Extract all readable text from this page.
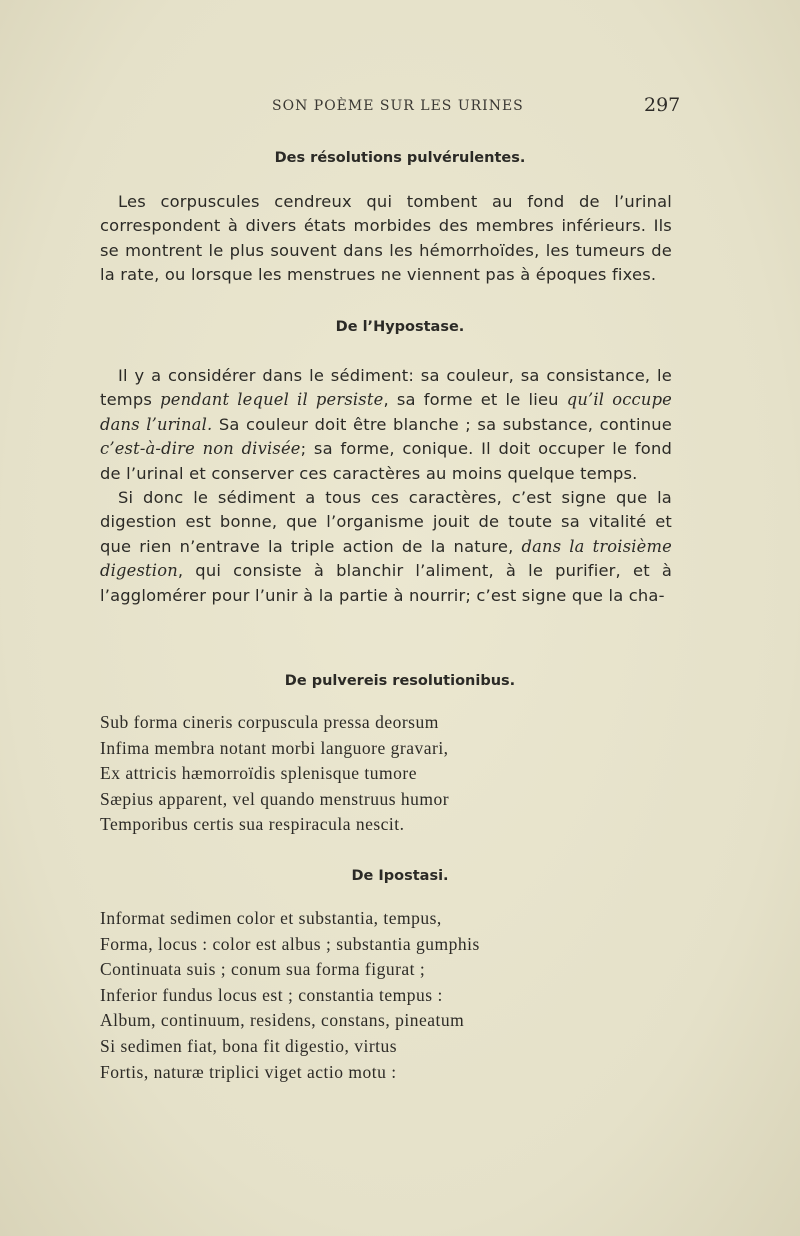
SON POÈME SUR LES URINES	297
Des résolutions pulvérulentes.

Les corpuscules cendreux qui tombent au fond de l’urinal correspondent à divers états morbides des membres inférieurs. Ils se montrent le plus souvent dans les hémorrhoïdes, les tumeurs de la rate, ou lorsque les menstrues ne viennent pas à époques fixes.

De l’Hypostase.

Il y a considérer dans le sédiment: sa couleur, sa consistance, le temps pendant lequel il persiste, sa forme et le lieu qu’il occupe dans l’urinal. Sa couleur doit être blanche ; sa substance, continue c’est-à-dire non divisée; sa forme, conique. Il doit occuper le fond de l’urinal et conserver ces caractères au moins quelque temps.

Si donc le sédiment a tous ces caractères, c’est signe que la digestion est bonne, que l’organisme jouit de toute sa vitalité et que rien n’entrave la triple action de la nature, dans la troisième digestion, qui consiste à blanchir l’aliment, à le purifier, et à l’agglomérer pour l’unir à la partie à nourrir; c’est signe que la cha-

De pulvereis resolutionibus.
Sub forma cineris corpuscula pressa deorsum
Infima membra notant morbi languore gravari,
Ex attricis hæmorroïdis splenisque tumore
Sæpius apparent, vel quando menstruus humor
Temporibus certis sua respiracula nescit.
De Ipostasi.
Informat sedimen color et substantia, tempus,
Forma, locus : color est albus ; substantia gumphis
Continuata suis ; conum sua forma figurat ;
Inferior fundus locus est ; constantia tempus :
Album, continuum, residens, constans, pineatum
Si sedimen fiat, bona fit digestio, virtus
Fortis, naturæ triplici viget actio motu :
